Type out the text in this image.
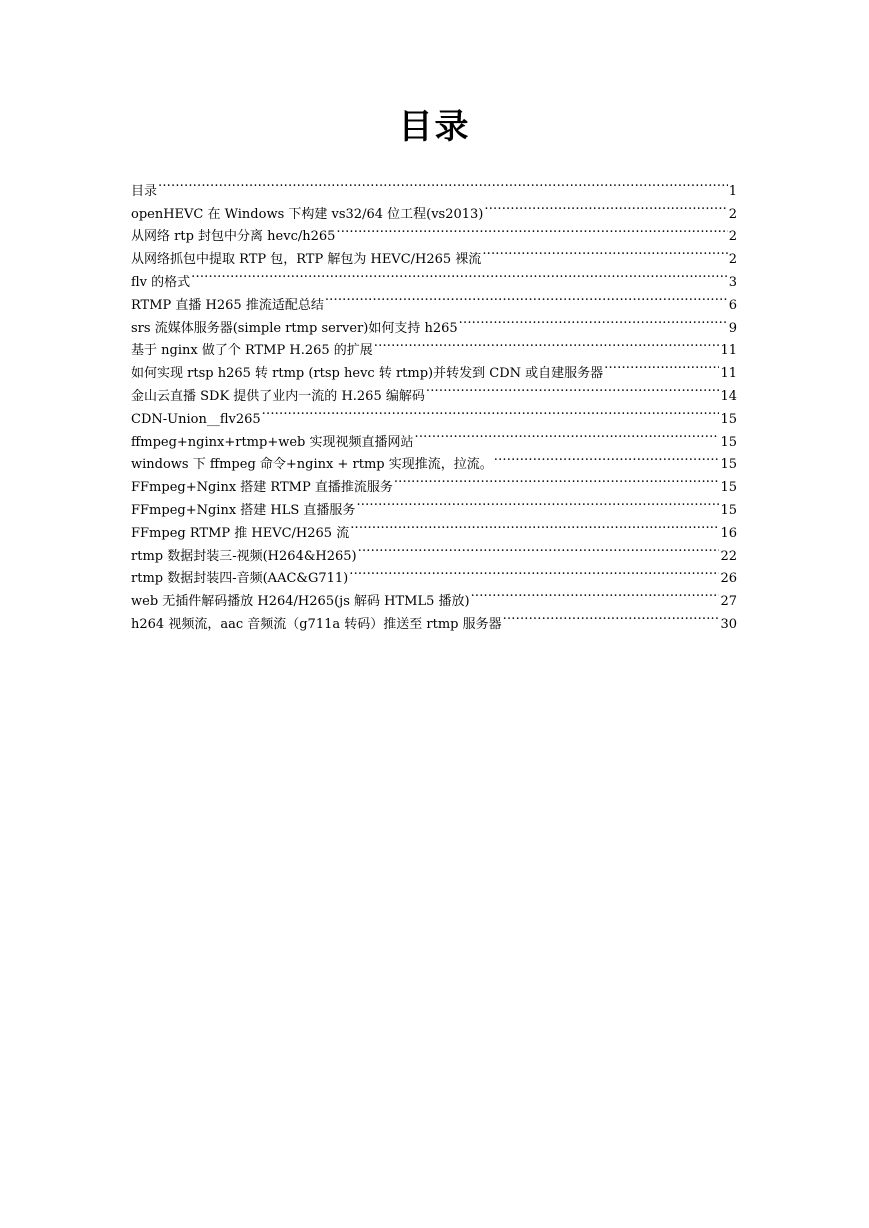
目录
目录 .....	1
openHEVC 在 Windows 下构建 vs32/64 位工程(vs2013) .....	2
从网络 rtp 封包中分离 hevc/h265 .....	2
从网络抓包中提取 RTP 包，RTP 解包为 HEVC/H265 裸流 .....	2
flv 的格式 .....	3
RTMP 直播 H265 推流适配总结 .....	6
srs 流媒体服务器(simple rtmp server)如何支持 h265 .....	9
基于 nginx 做了个 RTMP H.265 的扩展 .....	11
如何实现 rtsp h265 转 rtmp (rtsp hevc 转 rtmp)并转发到 CDN 或自建服务器 .....	11
金山云直播 SDK 提供了业内一流的 H.265 编解码 .....	14
CDN-Union__flv265 .....	15
ffmpeg+nginx+rtmp+web 实现视频直播网站 .....	15
windows 下 ffmpeg 命令+nginx + rtmp 实现推流，拉流。 .....	15
FFmpeg+Nginx 搭建 RTMP 直播推流服务 .....	15
FFmpeg+Nginx 搭建 HLS 直播服务 .....	15
FFmpeg RTMP 推 HEVC/H265 流 .....	16
rtmp 数据封装三-视频(H264&H265) .....	22
rtmp 数据封装四-音频(AAC&G711) .....	26
web 无插件解码播放 H264/H265(js 解码 HTML5 播放) .....	27
h264 视频流，aac 音频流（g711a 转码）推送至 rtmp 服务器 .....	30
